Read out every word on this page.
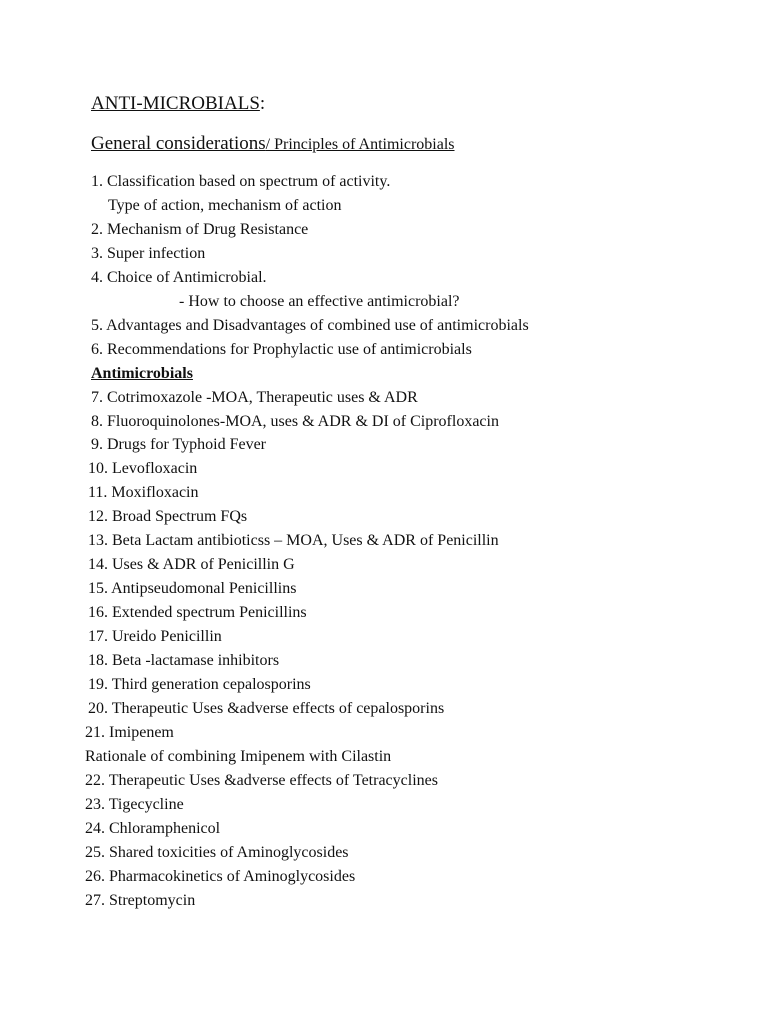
ANTI-MICROBIALS:
General considerations/ Principles of Antimicrobials
1. Classification based on spectrum of activity.
Type of action, mechanism of action
2. Mechanism of Drug Resistance
3. Super infection
4. Choice of Antimicrobial.
- How to choose an effective antimicrobial?
5. Advantages and Disadvantages of combined use of antimicrobials
6. Recommendations for Prophylactic use of antimicrobials
Antimicrobials
7. Cotrimoxazole -MOA, Therapeutic uses & ADR
8. Fluoroquinolones-MOA, uses & ADR & DI of Ciprofloxacin
9. Drugs for Typhoid Fever
10. Levofloxacin
11. Moxifloxacin
12. Broad Spectrum FQs
13. Beta Lactam antibioticss – MOA, Uses & ADR of Penicillin
14. Uses & ADR of Penicillin G
15. Antipseudomonal Penicillins
16. Extended spectrum Penicillins
17. Ureido Penicillin
18. Beta -lactamase inhibitors
19. Third generation cepalosporins
20. Therapeutic Uses &adverse effects of cepalosporins
21. Imipenem
Rationale of combining Imipenem with Cilastin
22. Therapeutic Uses &adverse effects of Tetracyclines
23. Tigecycline
24. Chloramphenicol
25. Shared toxicities of Aminoglycosides
26. Pharmacokinetics of Aminoglycosides
27. Streptomycin
